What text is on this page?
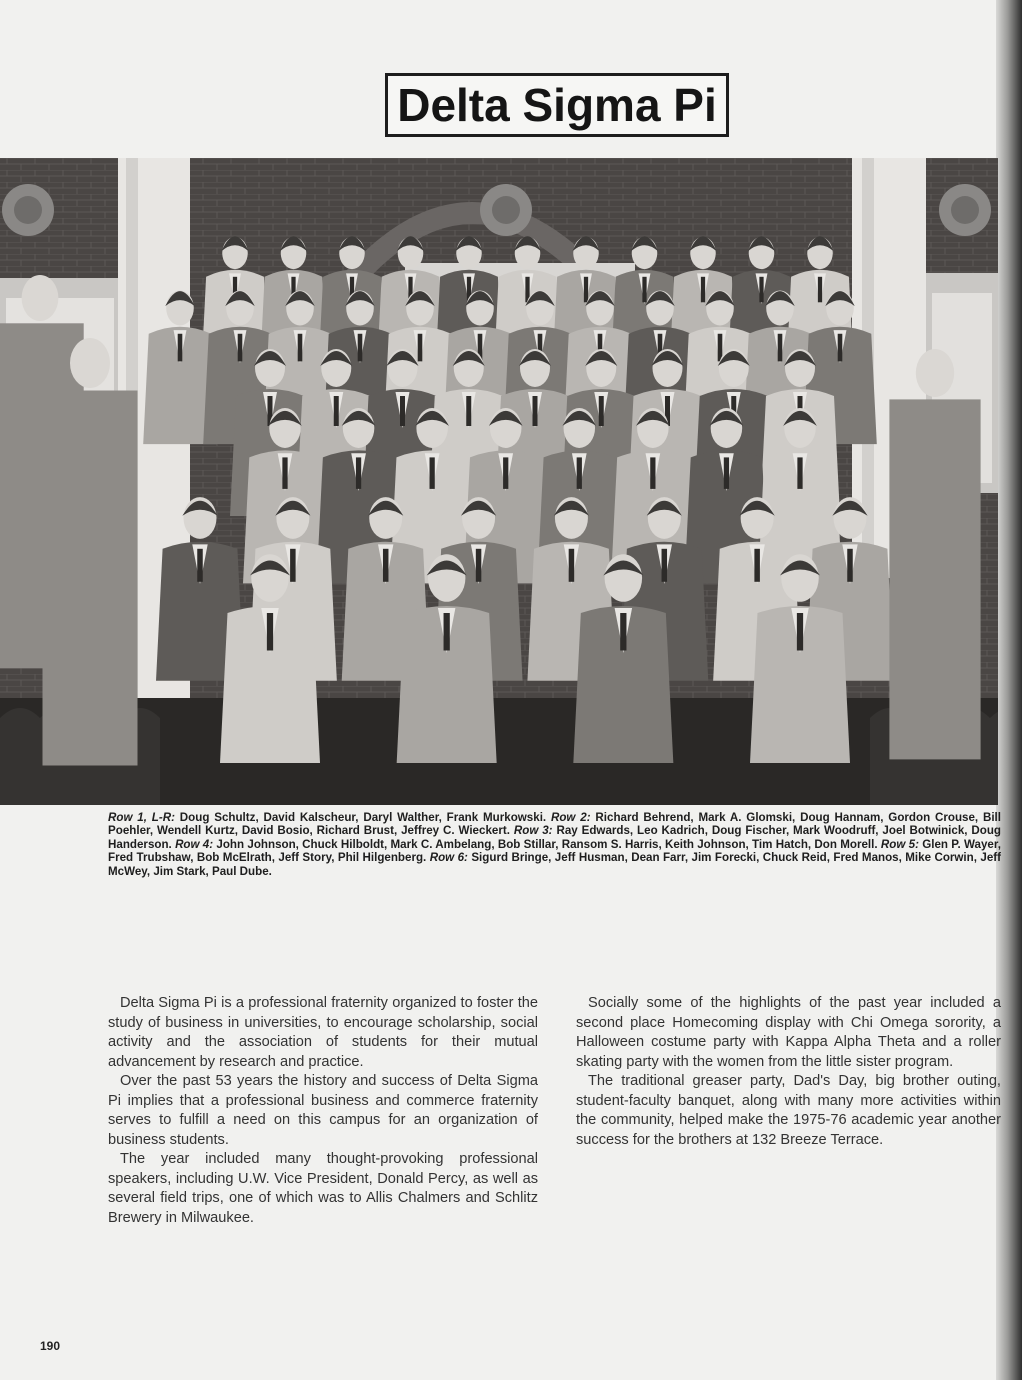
Delta Sigma Pi
Row 1, L-R: Doug Schultz, David Kalscheur, Daryl Walther, Frank Murkowski. Row 2: Richard Behrend, Mark A. Glomski, Doug Hannam, Gordon Crouse, Bill Poehler, Wendell Kurtz, David Bosio, Richard Brust, Jeffrey C. Wieckert. Row 3: Ray Edwards, Leo Kadrich, Doug Fischer, Mark Woodruff, Joel Botwinick, Doug Handerson. Row 4: John Johnson, Chuck Hilboldt, Mark C. Ambelang, Bob Stillar, Ransom S. Harris, Keith Johnson, Tim Hatch, Don Morell. Row 5: Glen P. Wayer, Fred Trubshaw, Bob McElrath, Jeff Story, Phil Hilgenberg. Row 6: Sigurd Bringe, Jeff Husman, Dean Farr, Jim Forecki, Chuck Reid, Fred Manos, Mike Corwin, Jeff McWey, Jim Stark, Paul Dube.

Delta Sigma Pi is a professional fraternity organized to foster the study of business in universities, to encourage scholarship, social activity and the association of students for their mutual advancement by research and practice.

Over the past 53 years the history and success of Delta Sigma Pi implies that a professional business and commerce fraternity serves to fulfill a need on this campus for an organization of business students.

The year included many thought-provoking professional speakers, including U.W. Vice President, Donald Percy, as well as several field trips, one of which was to Allis Chalmers and Schlitz Brewery in Milwaukee.

Socially some of the highlights of the past year included a second place Homecoming display with Chi Omega sorority, a Halloween costume party with Kappa Alpha Theta and a roller skating party with the women from the little sister program.

The traditional greaser party, Dad's Day, big brother outing, student-faculty banquet, along with many more activities within the community, helped make the 1975-76 academic year another success for the brothers at 132 Breeze Terrace.

190
